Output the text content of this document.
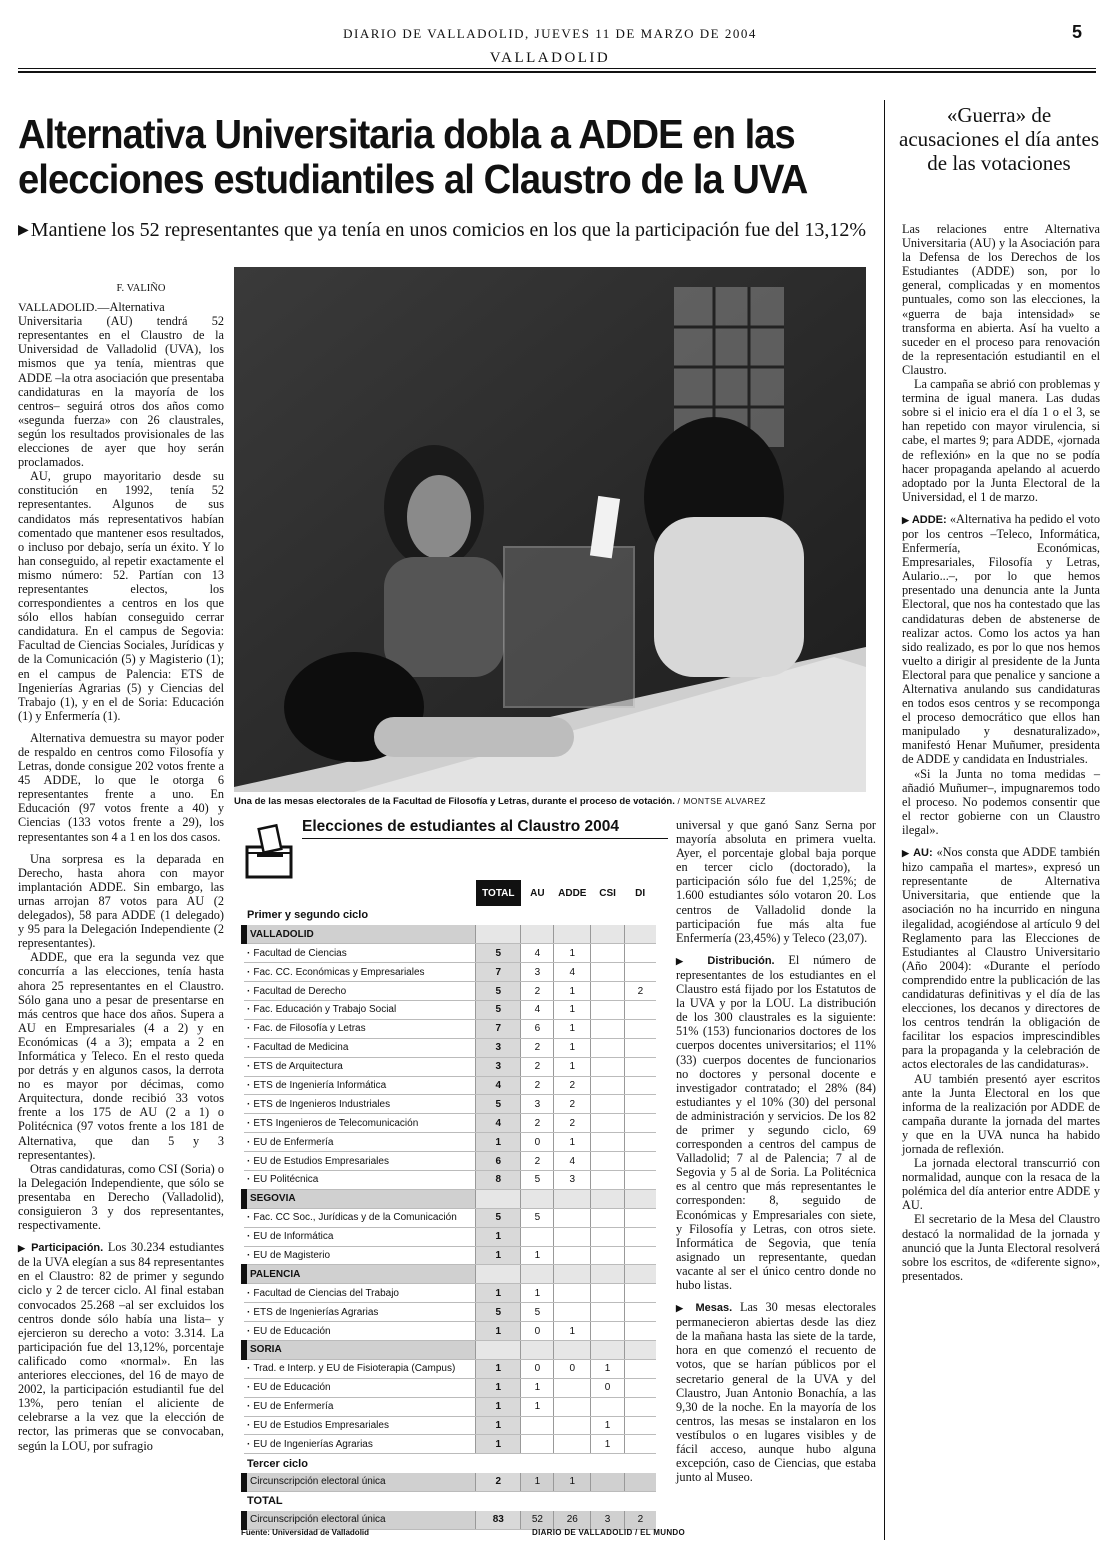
DIARIO DE VALLADOLID, JUEVES 11 DE MARZO DE 2004
VALLADOLID
5
Alternativa Universitaria dobla a ADDE en las
elecciones estudiantiles al Claustro de la UVA
▶ Mantiene los 52 representantes que ya tenía en unos comicios en los que la participación fue del 13,12%
F. VALIÑO

VALLADOLID.—Alternativa Universitaria (AU) tendrá 52 representantes en el Claustro de la Universidad de Valladolid (UVA), los mismos que ya tenía, mientras que ADDE –la otra asociación que presentaba candidaturas en la mayoría de los centros– seguirá otros dos años como «segunda fuerza» con 26 claustrales, según los resultados provisionales de las elecciones de ayer que hoy serán proclamados.

AU, grupo mayoritario desde su constitución en 1992, tenía 52 representantes. Algunos de sus candidatos más representativos habían comentado que mantener esos resultados, o incluso por debajo, sería un éxito. Y lo han conseguido, al repetir exactamente el mismo número: 52. Partían con 13 representantes electos, los correspondientes a centros en los que sólo ellos habían conseguido cerrar candidatura. En el campus de Segovia: Facultad de Ciencias Sociales, Jurídicas y de la Comunicación (5) y Magisterio (1); en el campus de Palencia: ETS de Ingenierías Agrarias (5) y Ciencias del Trabajo (1), y en el de Soria: Educación (1) y Enfermería (1).

Alternativa demuestra su mayor poder de respaldo en centros como Filosofía y Letras, donde consigue 202 votos frente a 45 ADDE, lo que le otorga 6 representantes frente a uno. En Educación (97 votos frente a 40) y Ciencias (133 votos frente a 29), los representantes son 4 a 1 en los dos casos.

Una sorpresa es la deparada en Derecho, hasta ahora con mayor implantación ADDE. Sin embargo, las urnas arrojan 87 votos para AU (2 delegados), 58 para ADDE (1 delegado) y 95 para la Delegación Independiente (2 representantes).

ADDE, que era la segunda vez que concurría a las elecciones, tenía hasta ahora 25 representantes en el Claustro. Sólo gana uno a pesar de presentarse en más centros que hace dos años. Supera a AU en Empresariales (4 a 2) y en Económicas (4 a 3); empata a 2 en Informática y Teleco. En el resto queda por detrás y en algunos casos, la derrota no es mayor por décimas, como Arquitectura, donde recibió 33 votos frente a los 175 de AU (2 a 1) o Politécnica (97 votos frente a los 181 de Alternativa, que dan 5 y 3 representantes).

Otras candidaturas, como CSI (Soria) o la Delegación Independiente, que sólo se presentaba en Derecho (Valladolid), consiguieron 3 y dos representantes, respectivamente.

▶ Participación. Los 30.234 estudiantes de la UVA elegían a sus 84 representantes en el Claustro: 82 de primer y segundo ciclo y 2 de tercer ciclo. Al final estaban convocados 25.268 –al ser excluidos los centros donde sólo había una lista– y ejercieron su derecho a voto: 3.314. La participación fue del 13,12%, porcentaje calificado como «normal». En las anteriores elecciones, del 16 de mayo de 2002, la participación estudiantil fue del 13%, pero tenían el aliciente de celebrarse a la vez que la elección de rector, las primeras que se convocaban, según la LOU, por sufragio

Una de las mesas electorales de la Facultad de Filosofía y Letras, durante el proceso de votación. / MONTSE ALVAREZ
Elecciones de estudiantes al Claustro 2004
	TOTAL	AU	ADDE	CSI	DI
Primer y segundo ciclo					
VALLADOLID					
· Facultad de Ciencias	5	4	1		
· Fac. CC. Económicas y Empresariales	7	3	4		
· Facultad de Derecho	5	2	1		2
· Fac. Educación y Trabajo Social	5	4	1		
· Fac. de Filosofía y Letras	7	6	1		
· Facultad de Medicina	3	2	1		
· ETS de Arquitectura	3	2	1		
· ETS de Ingeniería Informática	4	2	2		
· ETS de Ingenieros Industriales	5	3	2		
· ETS Ingenieros de Telecomunicación	4	2	2		
· EU de Enfermería	1	0	1		
· EU de Estudios Empresariales	6	2	4		
· EU Politécnica	8	5	3		
SEGOVIA					
· Fac. CC Soc., Jurídicas y de la Comunicación	5	5			
· EU de Informática	1				
· EU de Magisterio	1	1			
PALENCIA					
· Facultad de Ciencias del Trabajo	1	1			
· ETS de Ingenierías Agrarias	5	5			
· EU de Educación	1	0	1		
SORIA					
· Trad. e Interp. y EU de Fisioterapia (Campus)	1	0	0	1	
· EU de Educación	1	1		0	
· EU de Enfermería	1	1			
· EU de Estudios Empresariales	1			1	
· EU de Ingenierías Agrarias	1			1	
Tercer ciclo					
Circunscripción electoral única	2	1	1		
TOTAL					
Circunscripción electoral única	83	52	26	3	2
Fuente: Universidad de Valladolid	DIARIO DE VALLADOLID / EL MUNDO

universal y que ganó Sanz Serna por mayoría absoluta en primera vuelta. Ayer, el porcentaje global baja porque en tercer ciclo (doctorado), la participación sólo fue del 1,25%; de 1.600 estudiantes sólo votaron 20. Los centros de Valladolid donde la participación fue más alta fue Enfermería (23,45%) y Teleco (23,07).

▶ Distribución. El número de representantes de los estudiantes en el Claustro está fijado por los Estatutos de la UVA y por la LOU. La distribución de los 300 claustrales es la siguiente: 51% (153) funcionarios doctores de los cuerpos docentes universitarios; el 11% (33) cuerpos docentes de funcionarios no doctores y personal docente e investigador contratado; el 28% (84) estudiantes y el 10% (30) del personal de administración y servicios. De los 82 de primer y segundo ciclo, 69 corresponden a centros del campus de Valladolid; 7 al de Palencia; 7 al de Segovia y 5 al de Soria. La Politécnica es al centro que más representantes le corresponden: 8, seguido de Económicas y Empresariales con siete, y Filosofía y Letras, con otros siete. Informática de Segovia, que tenía asignado un representante, quedan vacante al ser el único centro donde no hubo listas.

▶ Mesas. Las 30 mesas electorales permanecieron abiertas desde las diez de la mañana hasta las siete de la tarde, hora en que comenzó el recuento de votos, que se harían públicos por el secretario general de la UVA y del Claustro, Juan Antonio Bonachía, a las 9,30 de la noche. En la mayoría de los centros, las mesas se instalaron en los vestíbulos o en lugares visibles y de fácil acceso, aunque hubo alguna excepción, caso de Ciencias, que estaba junto al Museo.

«Guerra» de acusaciones el día antes de las votaciones

Las relaciones entre Alternativa Universitaria (AU) y la Asociación para la Defensa de los Derechos de los Estudiantes (ADDE) son, por lo general, complicadas y en momentos puntuales, como son las elecciones, la «guerra de baja intensidad» se transforma en abierta. Así ha vuelto a suceder en el proceso para renovación de la representación estudiantil en el Claustro.

La campaña se abrió con problemas y termina de igual manera. Las dudas sobre si el inicio era el día 1 o el 3, se han repetido con mayor virulencia, si cabe, el martes 9; para ADDE, «jornada de reflexión» en la que no se podía hacer propaganda apelando al acuerdo adoptado por la Junta Electoral de la Universidad, el 1 de marzo.

▶ ADDE: «Alternativa ha pedido el voto por los centros –Teleco, Informática, Enfermería, Económicas, Empresariales, Filosofía y Letras, Aulario...–, por lo que hemos presentado una denuncia ante la Junta Electoral, que nos ha contestado que las candidaturas deben de abstenerse de realizar actos. Como los actos ya han sido realizado, es por lo que nos hemos vuelto a dirigir al presidente de la Junta Electoral para que penalice y sancione a Alternativa anulando sus candidaturas en todos esos centros y se recomponga el proceso democrático que ellos han manipulado y desnaturalizado», manifestó Henar Muñumer, presidenta de ADDE y candidata en Industriales.

«Si la Junta no toma medidas –añadió Muñumer–, impugnaremos todo el proceso. No podemos consentir que el rector gobierne con un Claustro ilegal».

▶ AU: «Nos consta que ADDE también hizo campaña el martes», expresó un representante de Alternativa Universitaria, que entiende que la asociación no ha incurrido en ninguna ilegalidad, acogiéndose al artículo 9 del Reglamento para las Elecciones de Estudiantes al Claustro Universitario (Año 2004): «Durante el período comprendido entre la publicación de las candidaturas definitivas y el día de las elecciones, los decanos y directores de los centros tendrán la obligación de facilitar los espacios imprescindibles para la propaganda y la celebración de actos electorales de las candidaturas».

AU también presentó ayer escritos ante la Junta Electoral en los que informa de la realización por ADDE de campaña durante la jornada del martes y que en la UVA nunca ha habido jornada de reflexión.

La jornada electoral transcurrió con normalidad, aunque con la resaca de la polémica del día anterior entre ADDE y AU.

El secretario de la Mesa del Claustro destacó la normalidad de la jornada y anunció que la Junta Electoral resolverá sobre los escritos, de «diferente signo», presentados.
